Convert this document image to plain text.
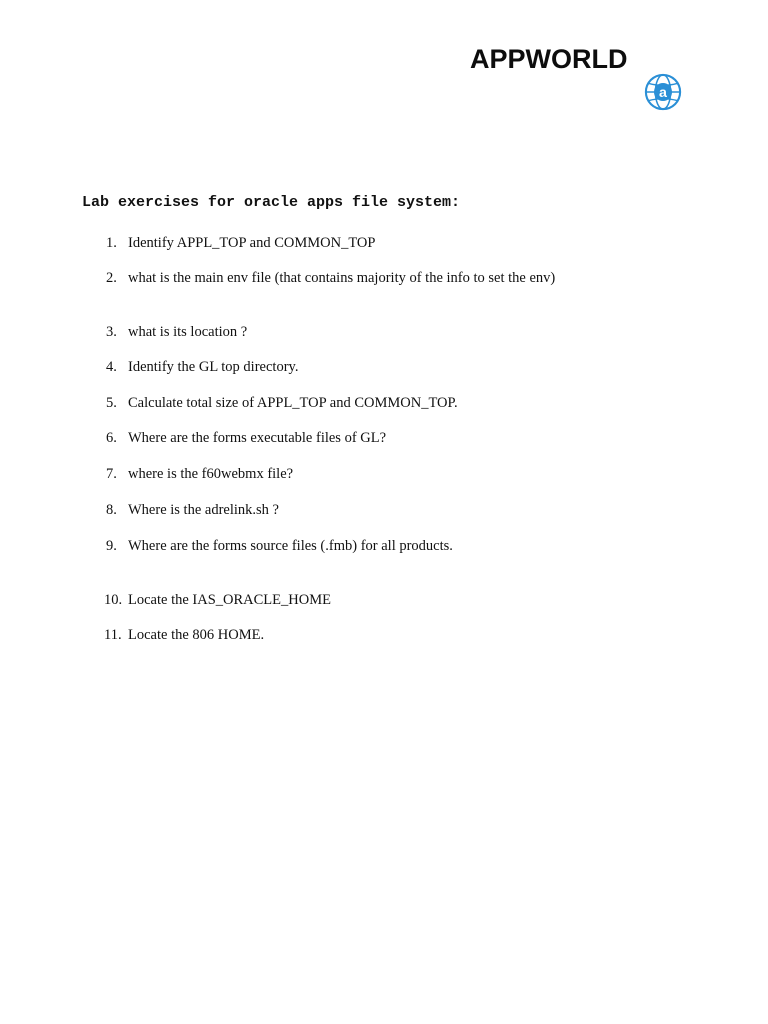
APPWORLD
a
Lab exercises for oracle apps file system:
1. Identify APPL_TOP and COMMON_TOP
2. what is the main env file (that contains majority of the info to set the env)
3. what is its location ?
4. Identify the GL top directory.
5. Calculate total size of APPL_TOP and COMMON_TOP.
6. Where are the forms executable files of GL?
7. where is the f60webmx file?
8. Where is the adrelink.sh ?
9. Where are the forms source files (.fmb) for all products.
10. Locate the IAS_ORACLE_HOME
11. Locate the 806 HOME.
